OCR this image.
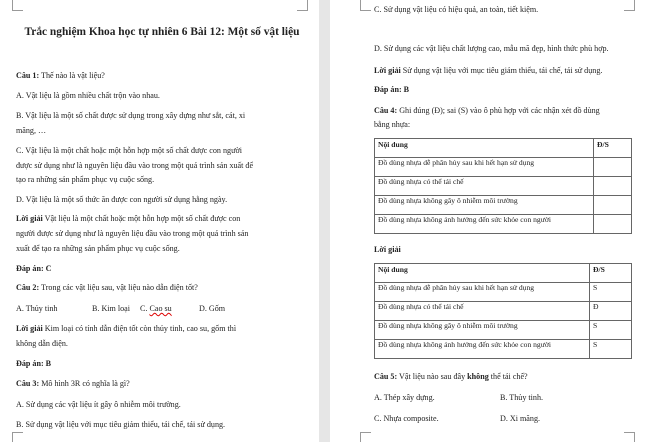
Trắc nghiệm Khoa học tự nhiên 6 Bài 12: Một số vật liệu
Câu 1: Thế nào là vật liệu?
A. Vật liệu là gồm nhiều chất trộn vào nhau.
B. Vật liệu là một số chất được sử dụng trong xây dựng như sắt, cát, xi
măng, …
C. Vật liệu là một chất hoặc một hỗn hợp một số chất được con người
được sử dụng như là nguyên liệu đầu vào trong một quá trình sản xuất để
tạo ra những sản phẩm phục vụ cuộc sống.
D. Vật liệu là một số thức ăn được con người sử dụng hằng ngày.
Lời giải Vật liệu là một chất hoặc một hỗn hợp một số chất được con
người được sử dụng như là nguyên liệu đầu vào trong một quá trình sản
xuất để tạo ra những sản phẩm phục vụ cuộc sống.
Đáp án: C
Câu 2: Trong các vật liệu sau, vật liệu nào dẫn điện tốt?
A. Thủy tinh	B. Kim loại C. Cao su	D. Gốm
Lời giải Kim loại có tính dẫn điện tốt còn thủy tinh, cao su, gốm thì
không dẫn điện.
Đáp án: B
Câu 3: Mô hình 3R có nghĩa là gì?
A. Sử dụng các vật liệu ít gây ô nhiễm môi trường.
B. Sử dụng vật liệu với mục tiêu giảm thiểu, tái chế, tái sử dụng.
C. Sử dụng vật liệu có hiệu quả, an toàn, tiết kiệm.
D. Sử dụng các vật liệu chất lượng cao, mẫu mã đẹp, hình thức phù hợp.
Lời giải Sử dụng vật liệu với mục tiêu giảm thiểu, tái chế, tái sử dụng.
Đáp án: B
Câu 4: Ghi đúng (Đ); sai (S) vào ô phù hợp với các nhận xét đồ dùng
bằng nhựa:
Nội dung	Đ/S
Đồ dùng nhựa dễ phân hủy sau khi hết hạn sử dụng	
Đồ dùng nhựa có thể tái chế	
Đồ dùng nhựa không gây ô nhiễm môi trường	
Đồ dùng nhựa không ảnh hưởng đến sức khỏe con người	
Lời giải
Nội dung	Đ/S
Đồ dùng nhựa dễ phân hủy sau khi hết hạn sử dụng	S
Đồ dùng nhựa có thể tái chế	Đ
Đồ dùng nhựa không gây ô nhiễm môi trường	S
Đồ dùng nhựa không ảnh hưởng đến sức khỏe con người	S
Câu 5: Vật liệu nào sau đây không thể tái chế?
A. Thép xây dựng.	B. Thủy tinh.
C. Nhựa composite.	D. Xi măng.
